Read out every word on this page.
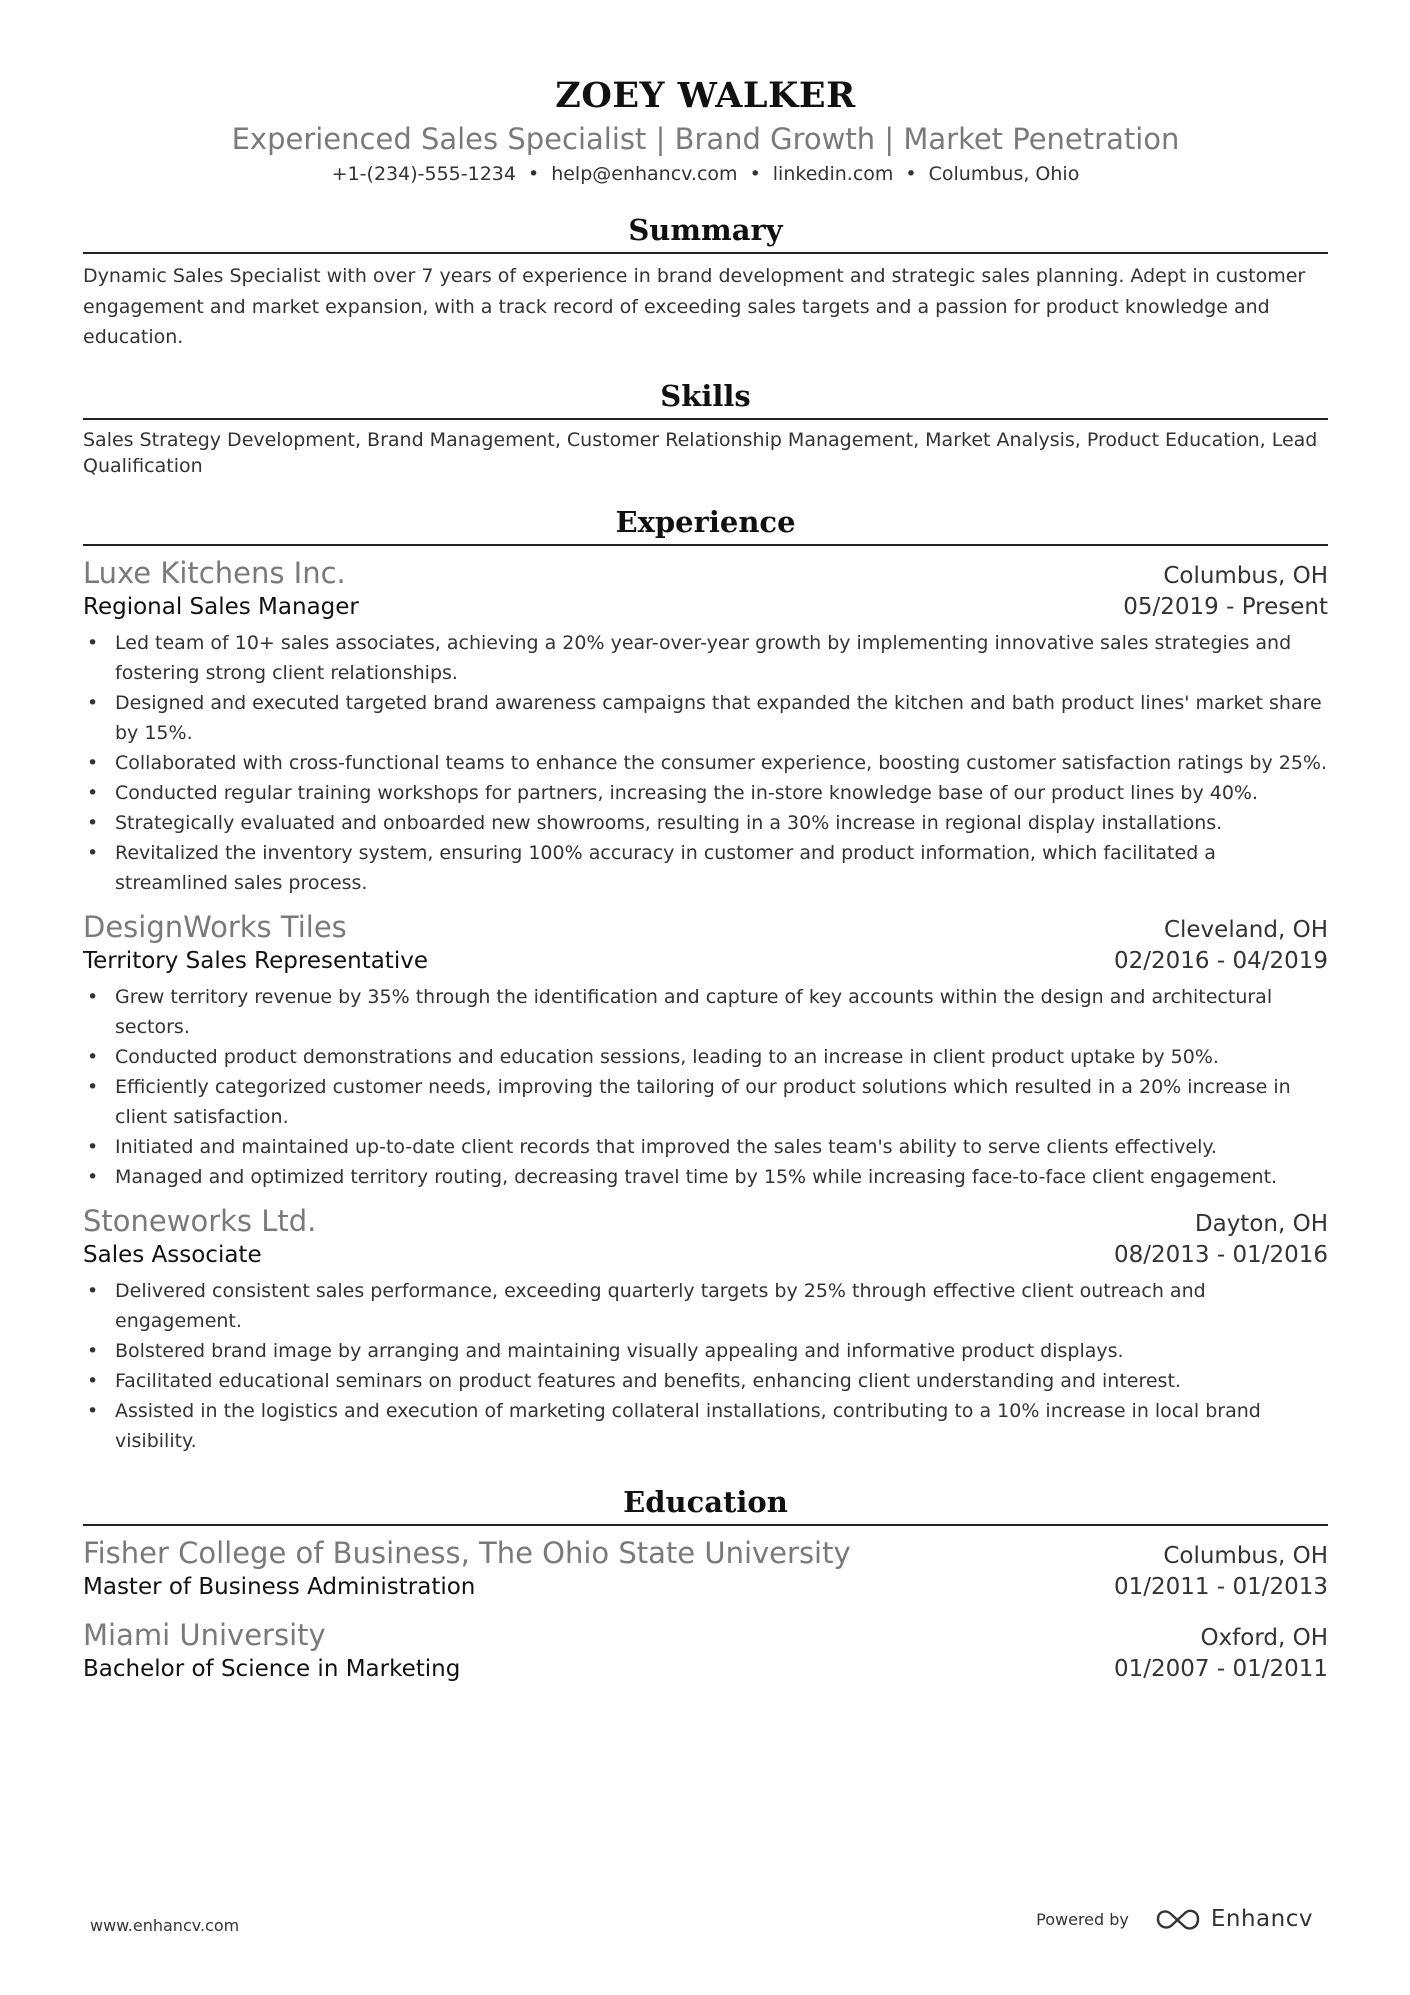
ZOEY WALKER
Experienced Sales Specialist | Brand Growth | Market Penetration
+1-(234)-555-1234 • help@enhancv.com • linkedin.com • Columbus, Ohio
Summary
Dynamic Sales Specialist with over 7 years of experience in brand development and strategic sales planning. Adept in customer engagement and market expansion, with a track record of exceeding sales targets and a passion for product knowledge and education.
Skills
Sales Strategy Development, Brand Management, Customer Relationship Management, Market Analysis, Product Education, Lead Qualification
Experience
Luxe Kitchens Inc.	Columbus, OH
Regional Sales Manager	05/2019 - Present
• Led team of 10+ sales associates, achieving a 20% year-over-year growth by implementing innovative sales strategies and fostering strong client relationships.
• Designed and executed targeted brand awareness campaigns that expanded the kitchen and bath product lines' market share by 15%.
• Collaborated with cross-functional teams to enhance the consumer experience, boosting customer satisfaction ratings by 25%.
• Conducted regular training workshops for partners, increasing the in-store knowledge base of our product lines by 40%.
• Strategically evaluated and onboarded new showrooms, resulting in a 30% increase in regional display installations.
• Revitalized the inventory system, ensuring 100% accuracy in customer and product information, which facilitated a streamlined sales process.
DesignWorks Tiles	Cleveland, OH
Territory Sales Representative	02/2016 - 04/2019
• Grew territory revenue by 35% through the identification and capture of key accounts within the design and architectural sectors.
• Conducted product demonstrations and education sessions, leading to an increase in client product uptake by 50%.
• Efficiently categorized customer needs, improving the tailoring of our product solutions which resulted in a 20% increase in client satisfaction.
• Initiated and maintained up-to-date client records that improved the sales team's ability to serve clients effectively.
• Managed and optimized territory routing, decreasing travel time by 15% while increasing face-to-face client engagement.
Stoneworks Ltd.	Dayton, OH
Sales Associate	08/2013 - 01/2016
• Delivered consistent sales performance, exceeding quarterly targets by 25% through effective client outreach and engagement.
• Bolstered brand image by arranging and maintaining visually appealing and informative product displays.
• Facilitated educational seminars on product features and benefits, enhancing client understanding and interest.
• Assisted in the logistics and execution of marketing collateral installations, contributing to a 10% increase in local brand visibility.
Education
Fisher College of Business, The Ohio State University	Columbus, OH
Master of Business Administration	01/2011 - 01/2013
Miami University	Oxford, OH
Bachelor of Science in Marketing	01/2007 - 01/2011
www.enhancv.com	Powered by	Enhancv
